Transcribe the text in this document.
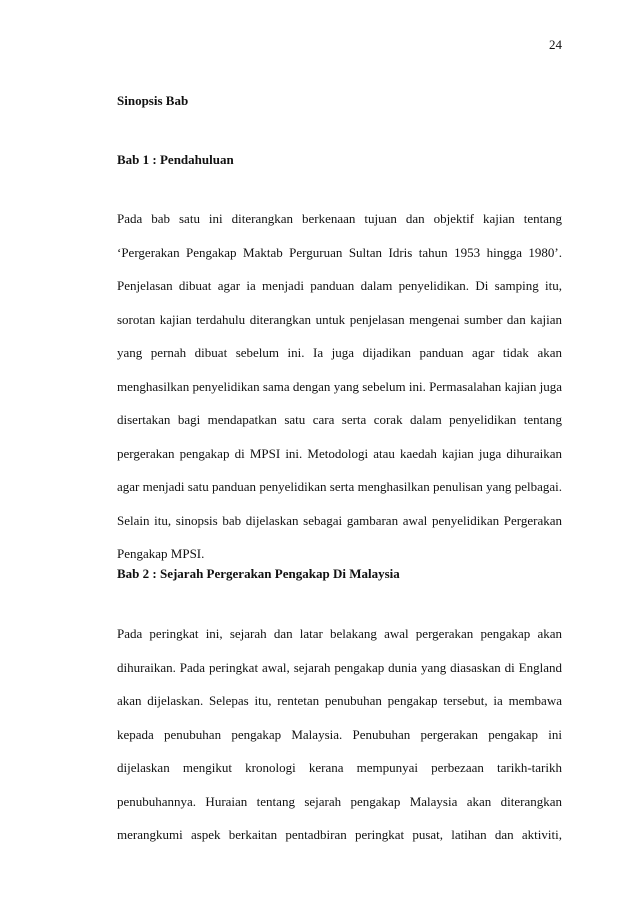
24
Sinopsis Bab
Bab 1 : Pendahuluan
Pada bab satu ini diterangkan berkenaan tujuan dan objektif kajian tentang
‘Pergerakan Pengakap Maktab Perguruan Sultan Idris tahun 1953 hingga 1980’.
Penjelasan dibuat agar ia menjadi panduan dalam penyelidikan. Di samping itu,
sorotan kajian terdahulu diterangkan untuk penjelasan mengenai sumber dan kajian
yang pernah dibuat sebelum ini. Ia juga dijadikan panduan agar tidak akan
menghasilkan penyelidikan sama dengan yang sebelum ini. Permasalahan kajian juga
disertakan bagi mendapatkan satu cara serta corak dalam penyelidikan tentang
pergerakan pengakap di MPSI ini. Metodologi atau kaedah kajian juga dihuraikan
agar menjadi satu panduan penyelidikan serta menghasilkan penulisan yang pelbagai.
Selain itu, sinopsis bab dijelaskan sebagai gambaran awal penyelidikan Pergerakan
Pengakap MPSI.
Bab 2 : Sejarah Pergerakan Pengakap Di Malaysia
Pada peringkat ini, sejarah dan latar belakang awal pergerakan pengakap akan
dihuraikan. Pada peringkat awal, sejarah pengakap dunia yang diasaskan di England
akan dijelaskan. Selepas itu, rentetan penubuhan pengakap tersebut, ia membawa
kepada penubuhan pengakap Malaysia. Penubuhan pergerakan pengakap ini
dijelaskan mengikut kronologi kerana mempunyai perbezaan tarikh-tarikh
penubuhannya. Huraian tentang sejarah pengakap Malaysia akan diterangkan
merangkumi aspek berkaitan pentadbiran peringkat pusat, latihan dan aktiviti,
